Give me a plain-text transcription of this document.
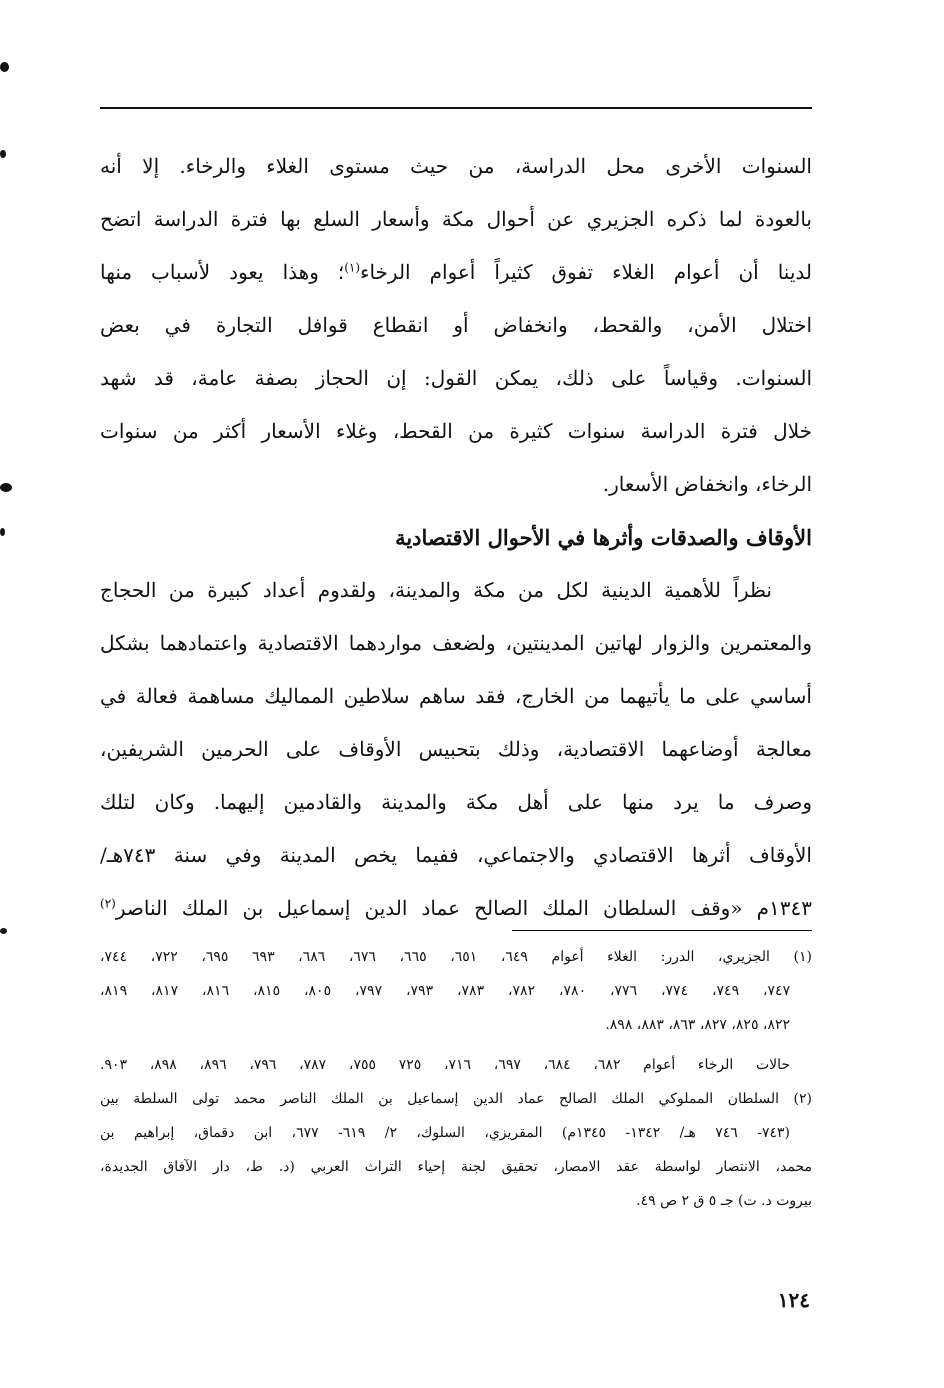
السنوات الأخرى محل الدراسة، من حيث مستوى الغلاء والرخاء. إلا أنه
بالعودة لما ذكره الجزيري عن أحوال مكة وأسعار السلع بها فترة الدراسة اتضح
لدينا أن أعوام الغلاء تفوق كثيراً أعوام الرخاء$^{(١)}$؛ وهذا يعود لأسباب منها
اختلال الأمن، والقحط، وانخفاض أو انقطاع قوافل التجارة في بعض
السنوات. وقياساً على ذلك، يمكن القول: إن الحجاز بصفة عامة، قد شهد
خلال فترة الدراسة سنوات كثيرة من القحط، وغلاء الأسعار أكثر من سنوات
الرخاء، وانخفاض الأسعار.
الأوقاف والصدقات وأثرها في الأحوال الاقتصادية
نظراً للأهمية الدينية لكل من مكة والمدينة، ولقدوم أعداد كبيرة من الحجاج
والمعتمرين والزوار لهاتين المدينتين، ولضعف مواردهما الاقتصادية واعتمادهما بشكل
أساسي على ما يأتيهما من الخارج، فقد ساهم سلاطين المماليك مساهمة فعالة في
معالجة أوضاعهما الاقتصادية، وذلك بتحبيس الأوقاف على الحرمين الشريفين،
وصرف ما يرد منها على أهل مكة والمدينة والقادمين إليهما. وكان لتلك
الأوقاف أثرها الاقتصادي والاجتماعي، ففيما يخص المدينة وفي سنة ٧٤٣هـ/
١٣٤٣م «وقف السلطان الملك الصالح عماد الدين إسماعيل بن الملك الناصر$^{(٢)}$
(١) الجزيري، الدرر: الغلاء أعوام ٦٤٩، ٦٥١، ٦٦٥، ٦٧٦، ٦٨٦، ٦٩٣ ٦٩٥، ٧٢٢، ٧٤٤،
٧٤٧، ٧٤٩، ٧٧٤، ٧٧٦، ٧٨٠، ٧٨٢، ٧٨٣، ٧٩٣، ٧٩٧، ٨٠٥، ٨١٥، ٨١٦، ٨١٧، ٨١٩،
٨٢٢، ٨٢٥، ٨٢٧، ٨٦٣، ٨٨٣، ٨٩٨.
حالات الرخاء أعوام ٦٨٢، ٦٨٤، ٦٩٧، ٧١٦، ٧٢٥ ٧٥٥، ٧٨٧، ٧٩٦، ٨٩٦، ٨٩٨، ٩٠٣.
(٢) السلطان المملوكي الملك الصالح عماد الدين إسماعيل بن الملك الناصر محمد تولى السلطة بين
(٧٤٣- ٧٤٦ هـ/ ١٣٤٢- ١٣٤٥م) المقريزي، السلوك، ٢/ ٦١٩- ٦٧٧، ابن دقماق، إبراهيم بن
محمد، الانتصار لواسطة عقد الامصار، تحقيق لجنة إحياء التراث العربي (د. ط، دار الآفاق الجديدة،
بيروت د. ت) جـ ٥ ق ٢ ص ٤٩.
١٢٤
